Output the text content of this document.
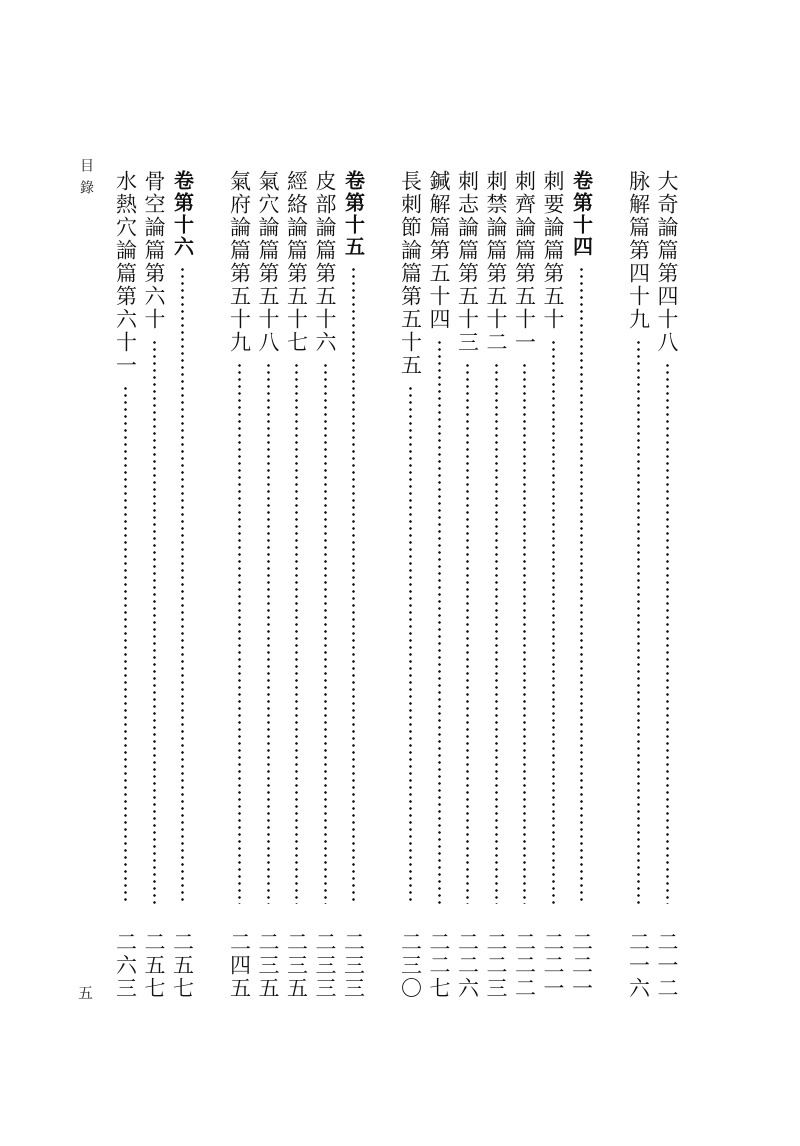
目錄
五
大奇論篇第四十八
二一二
脉解篇第四十九
二一六
卷第十四
二二一
刺要論篇第五十
二二一
刺齊論篇第五十一
二二二
刺禁論篇第五十二
二二三
刺志論篇第五十三
二二六
鍼解篇第五十四
二二七
長刺節論篇第五十五
二三〇
卷第十五
二三三
皮部論篇第五十六
二三三
經絡論篇第五十七
二三五
氣穴論篇第五十八
二三五
氣府論篇第五十九
二四五
卷第十六
二五七
骨空論篇第六十
二五七
水熱穴論篇第六十一
二六三
